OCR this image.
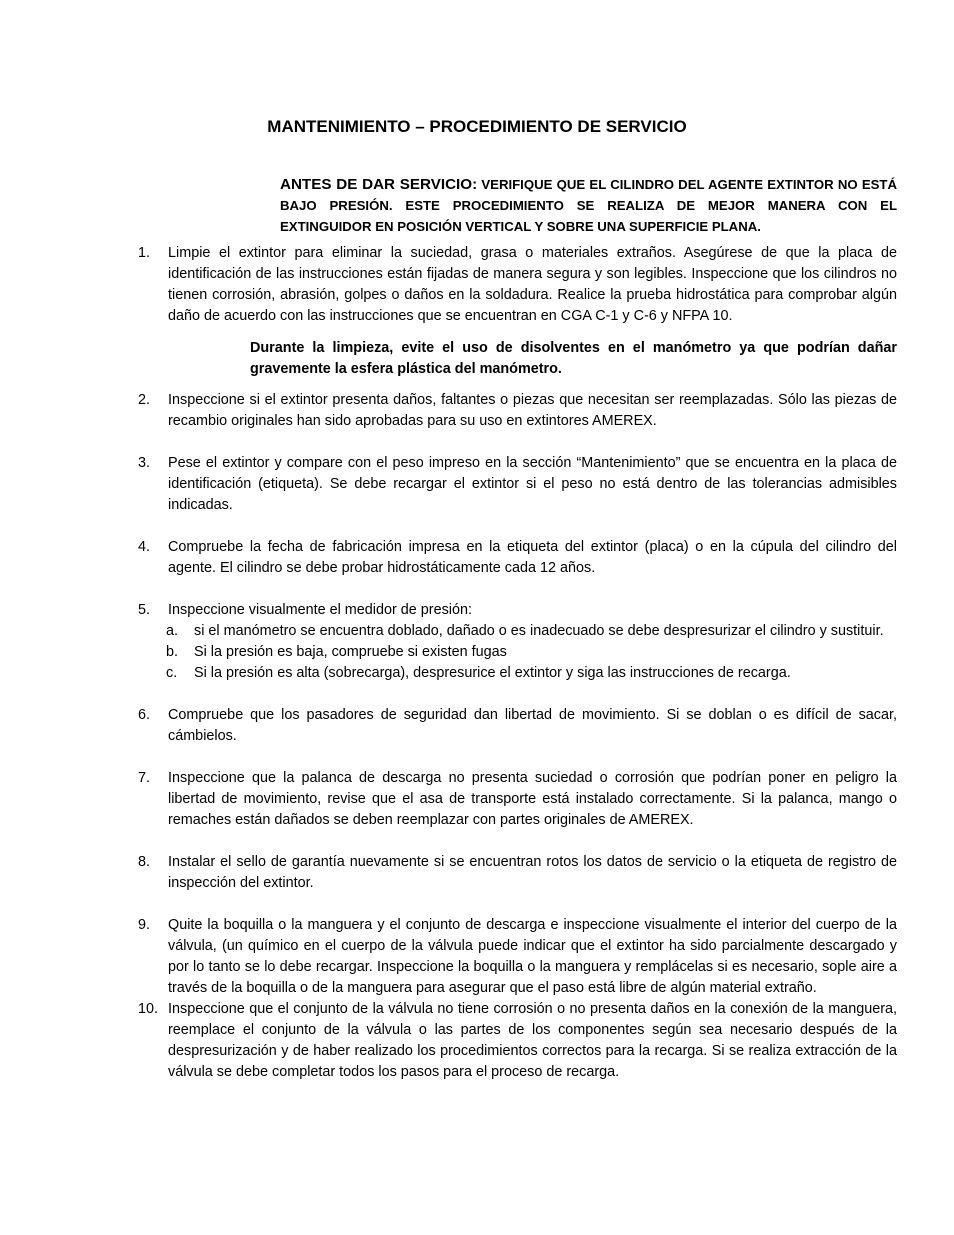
MANTENIMIENTO – PROCEDIMIENTO DE SERVICIO
ANTES DE DAR SERVICIO: VERIFIQUE QUE EL CILINDRO DEL AGENTE EXTINTOR NO ESTÁ BAJO PRESIÓN. ESTE PROCEDIMIENTO SE REALIZA DE MEJOR MANERA CON EL EXTINGUIDOR EN POSICIÓN VERTICAL Y SOBRE UNA SUPERFICIE PLANA.
1.	Limpie el extintor para eliminar la suciedad, grasa o materiales extraños. Asegúrese de que la placa de identificación de las instrucciones están fijadas de manera segura y son legibles. Inspeccione que los cilindros no tienen corrosión, abrasión, golpes o daños en la soldadura. Realice la prueba hidrostática para comprobar algún daño de acuerdo con las instrucciones que se encuentran en CGA C-1 y C-6 y NFPA 10.
Durante la limpieza, evite el uso de disolventes en el manómetro ya que podrían dañar gravemente la esfera plástica del manómetro.
2.	Inspeccione si el extintor presenta daños, faltantes o piezas que necesitan ser reemplazadas. Sólo las piezas de recambio originales han sido aprobadas para su uso en extintores AMEREX.
3.	Pese el extintor y compare con el peso impreso en la sección “Mantenimiento” que se encuentra en la placa de identificación (etiqueta). Se debe recargar el extintor si el peso no está dentro de las tolerancias admisibles indicadas.
4.	Compruebe la fecha de fabricación impresa en la etiqueta del extintor (placa) o en la cúpula del cilindro del agente. El cilindro se debe probar hidrostáticamente cada 12 años.
5.	Inspeccione visualmente el medidor de presión:
a. si el manómetro se encuentra doblado, dañado o es inadecuado se debe despresurizar el cilindro y sustituir.
b. Si la presión es baja, compruebe si existen fugas
c. Si la presión es alta (sobrecarga), despresurice el extintor y siga las instrucciones de recarga.
6.	Compruebe que los pasadores de seguridad dan libertad de movimiento. Si se doblan o es difícil de sacar, cámbielos.
7.	Inspeccione que la palanca de descarga no presenta suciedad o corrosión que podrían poner en peligro la libertad de movimiento, revise que el asa de transporte está instalado correctamente. Si la palanca, mango o remaches están dañados se deben reemplazar con partes originales de AMEREX.
8.	Instalar el sello de garantía nuevamente si se encuentran rotos los datos de servicio o la etiqueta de registro de inspección del extintor.
9.	Quite la boquilla o la manguera y el conjunto de descarga e inspeccione visualmente el interior del cuerpo de la válvula, (un químico en el cuerpo de la válvula puede indicar que el extintor ha sido parcialmente descargado y por lo tanto se lo debe recargar. Inspeccione la boquilla o la manguera y remplácelas si es necesario, sople aire a través de la boquilla o de la manguera para asegurar que el paso está libre de algún material extraño.
10. Inspeccione que el conjunto de la válvula no tiene corrosión o no presenta daños en la conexión de la manguera, reemplace el conjunto de la válvula o las partes de los componentes según sea necesario después de la despresurización y de haber realizado los procedimientos correctos para la recarga. Si se realiza extracción de la válvula se debe completar todos los pasos para el proceso de recarga.
